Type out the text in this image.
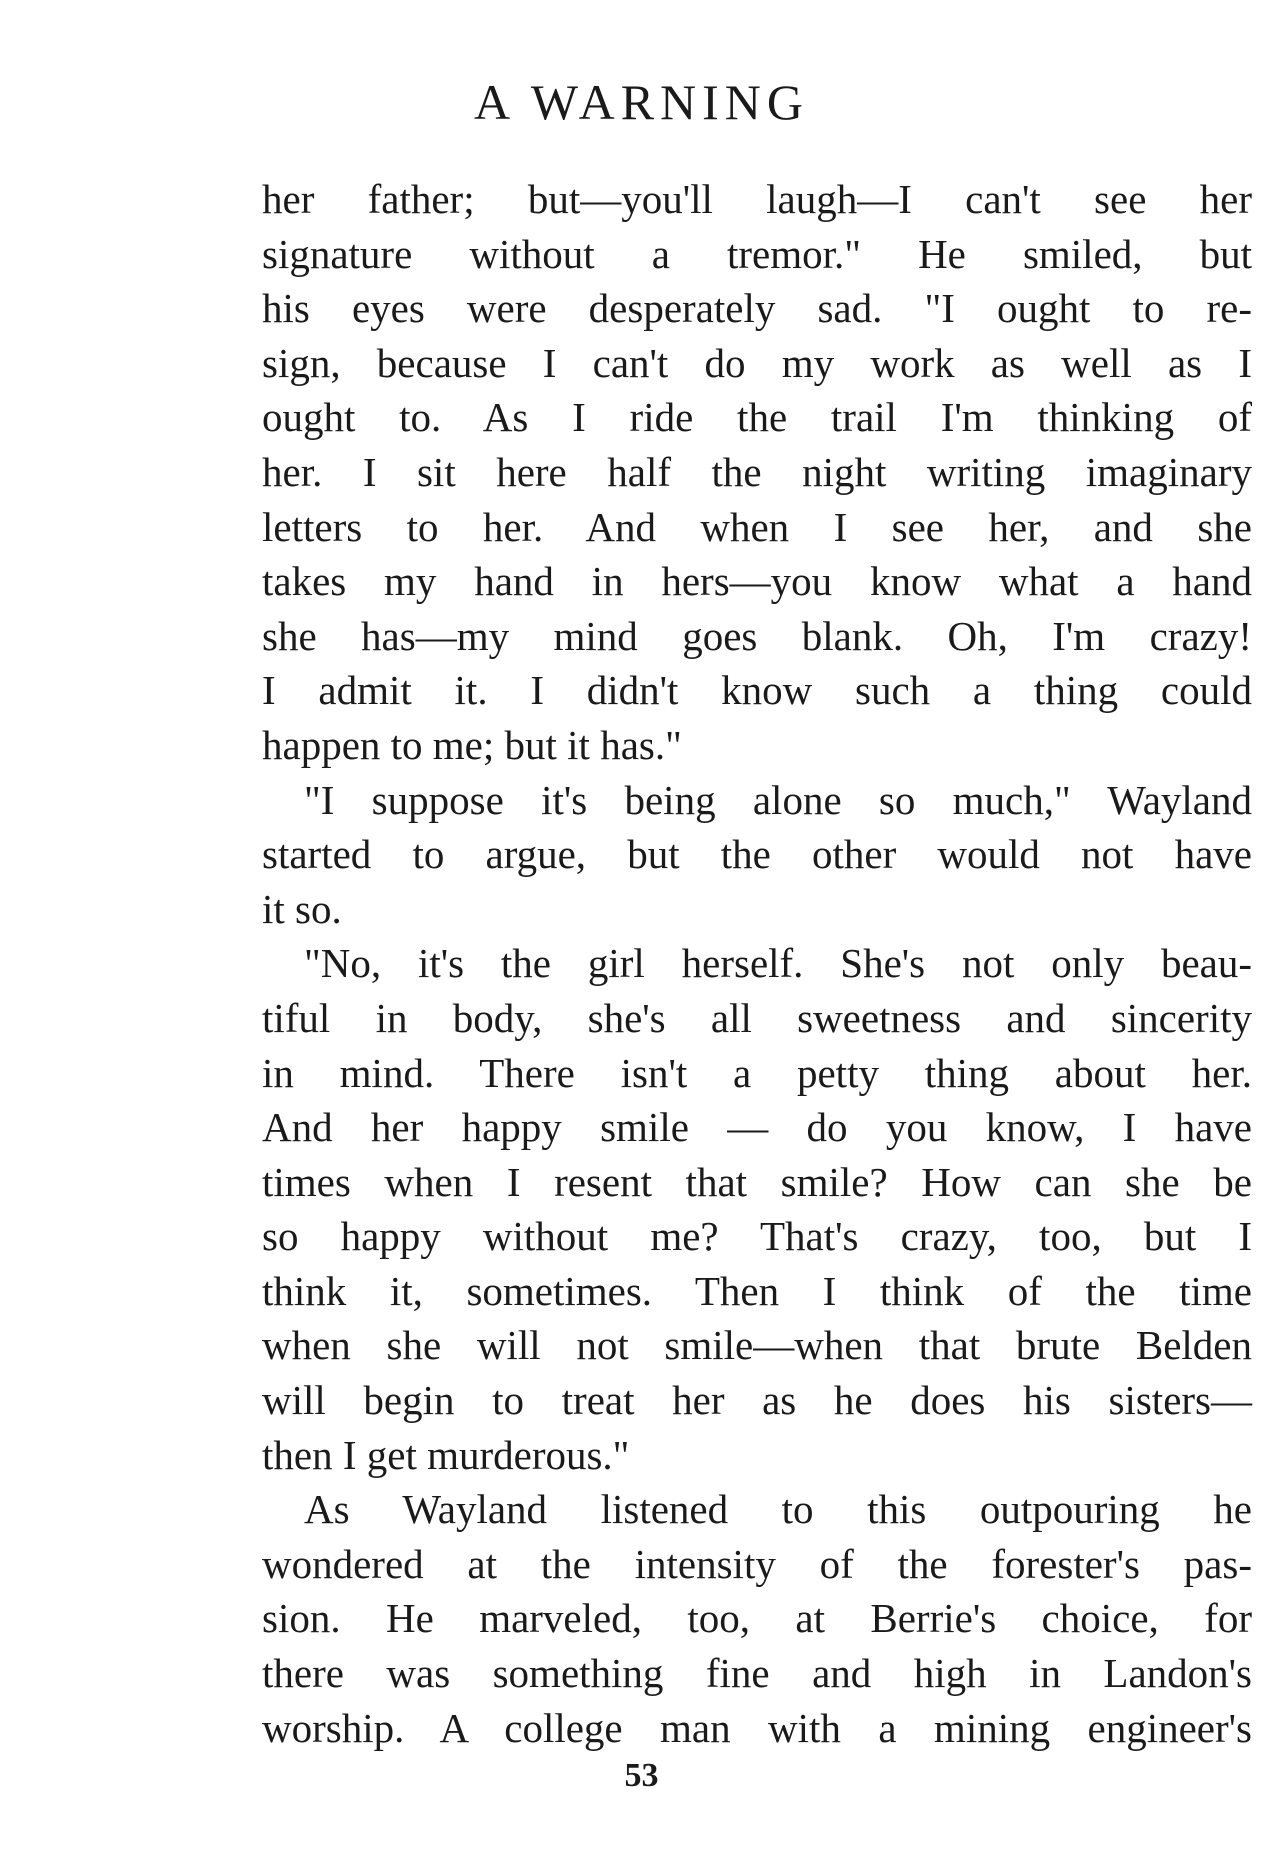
A WARNING
her father; but—you'll laugh—I can't see her
signature without a tremor." He smiled, but
his eyes were desperately sad. "I ought to re-
sign, because I can't do my work as well as I
ought to. As I ride the trail I'm thinking of
her. I sit here half the night writing imaginary
letters to her. And when I see her, and she
takes my hand in hers—you know what a hand
she has—my mind goes blank. Oh, I'm crazy!
I admit it. I didn't know such a thing could
happen to me; but it has."
"I suppose it's being alone so much," Wayland
started to argue, but the other would not have
it so.
"No, it's the girl herself. She's not only beau-
tiful in body, she's all sweetness and sincerity
in mind. There isn't a petty thing about her.
And her happy smile — do you know, I have
times when I resent that smile? How can she be
so happy without me? That's crazy, too, but I
think it, sometimes. Then I think of the time
when she will not smile—when that brute Belden
will begin to treat her as he does his sisters—
then I get murderous."
As Wayland listened to this outpouring he
wondered at the intensity of the forester's pas-
sion. He marveled, too, at Berrie's choice, for
there was something fine and high in Landon's
worship. A college man with a mining engineer's
53
